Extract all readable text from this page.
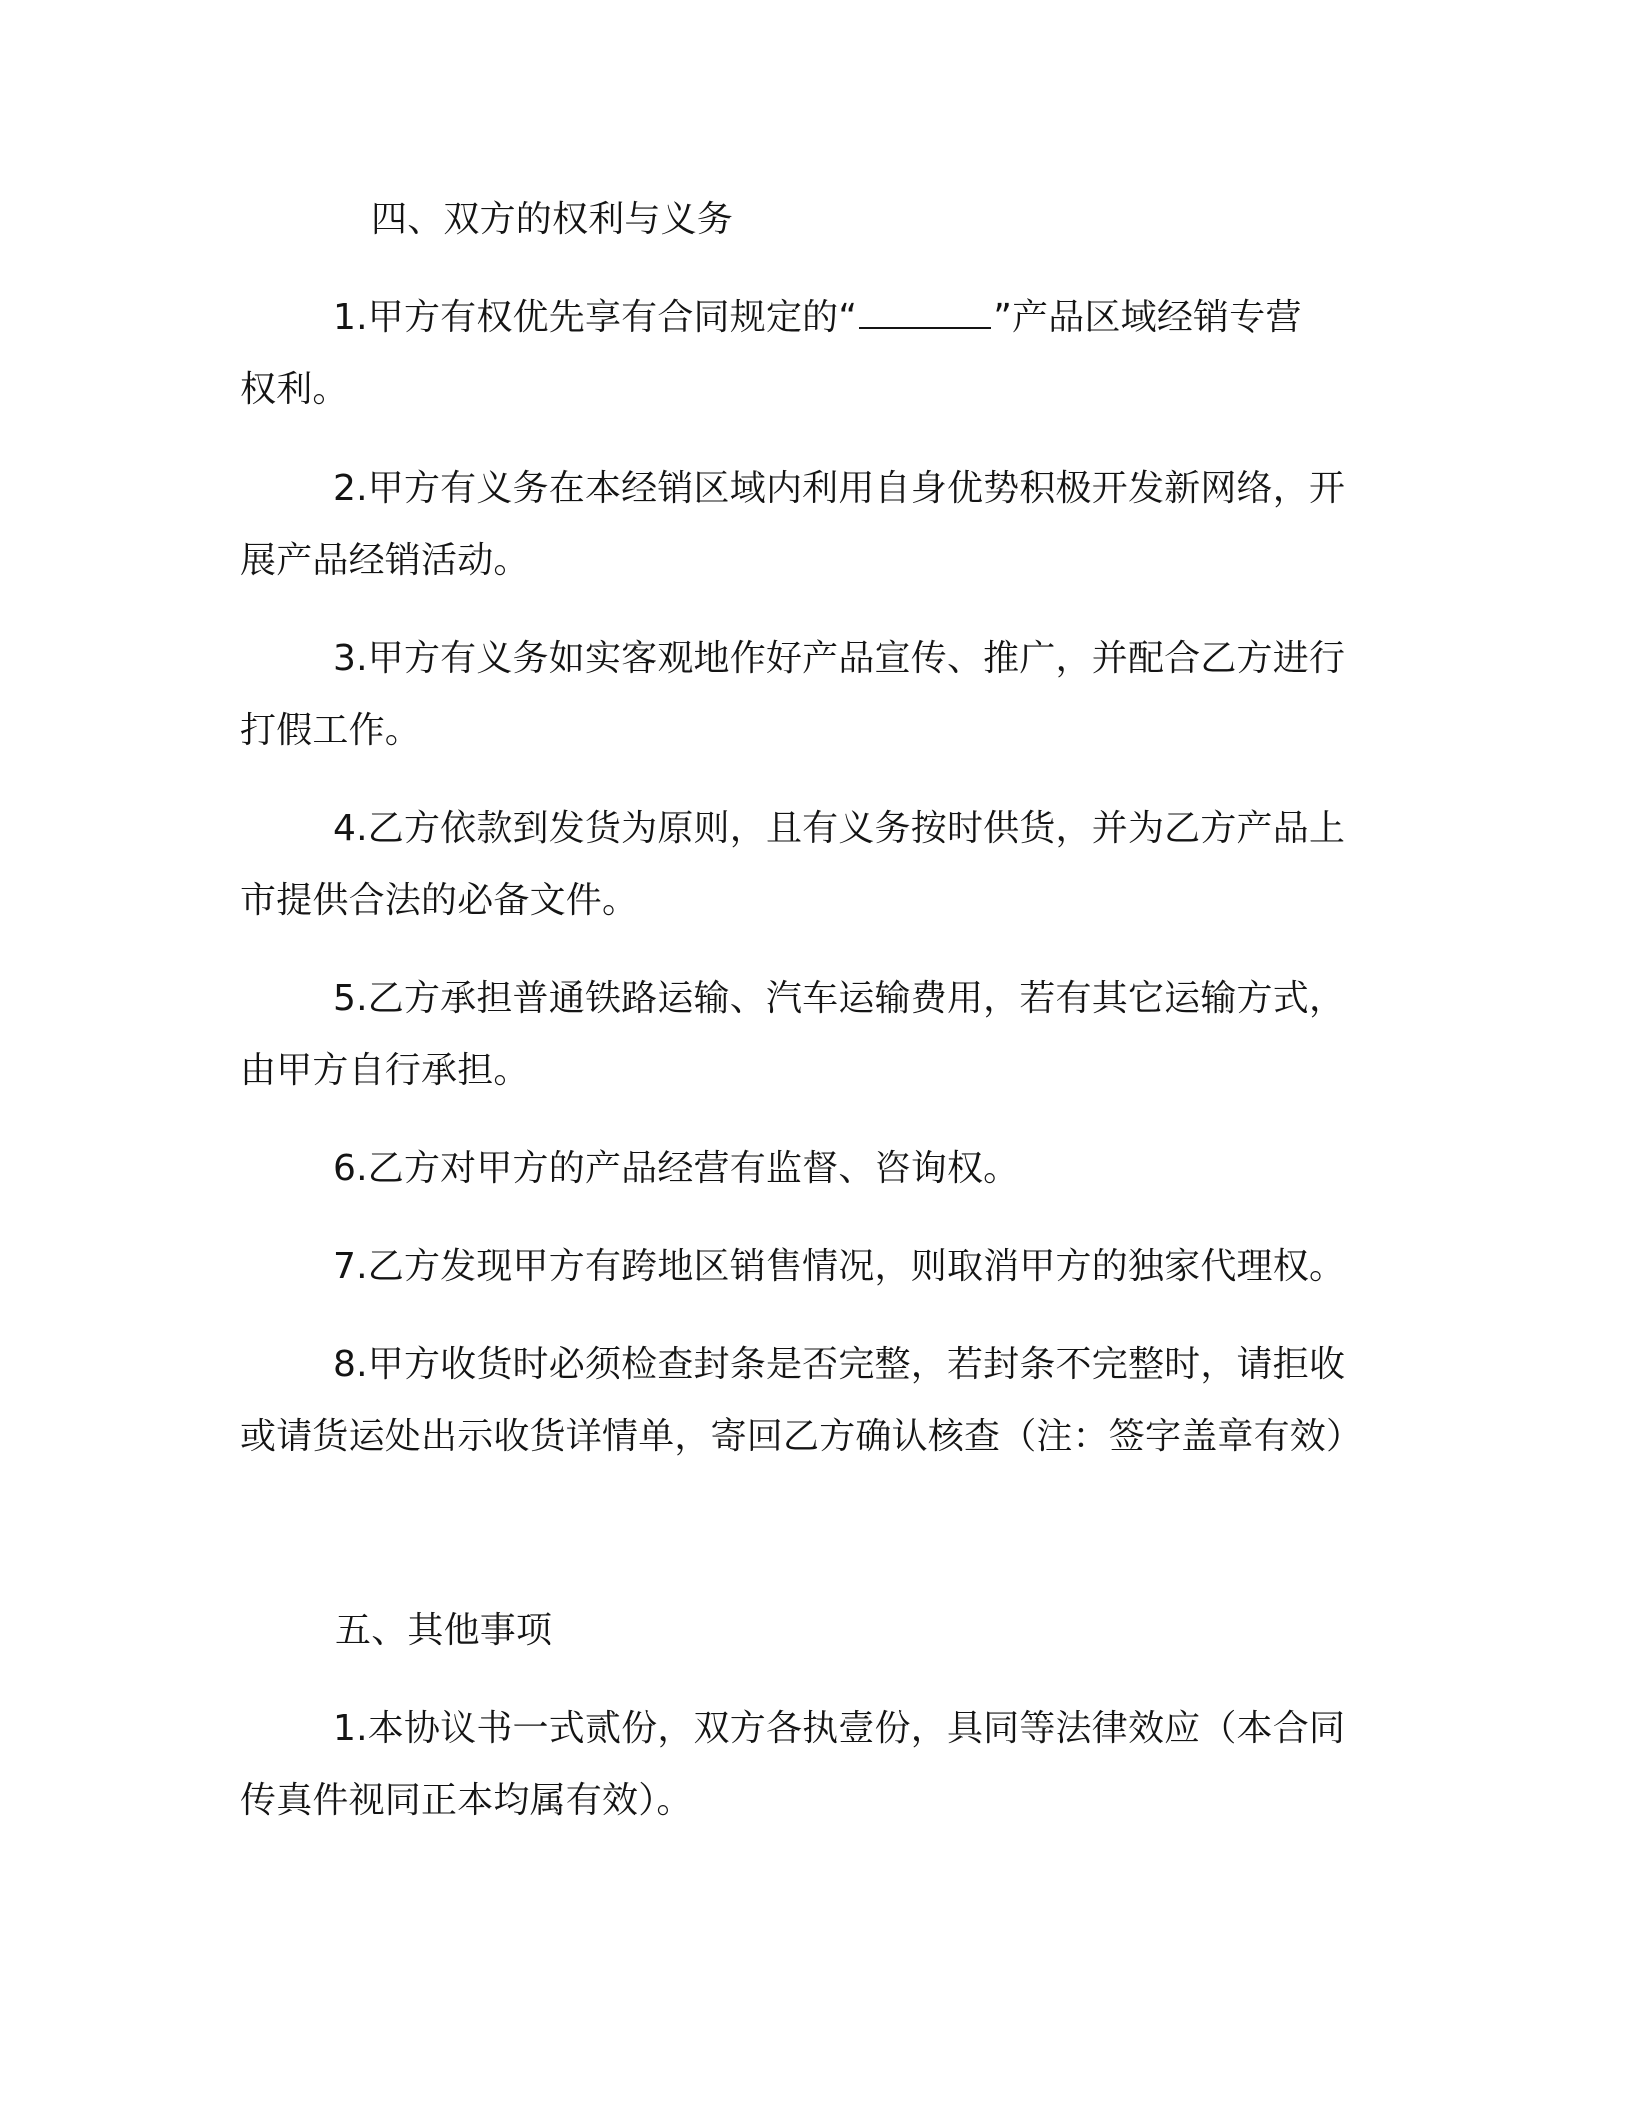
四、双方的权利与义务

1.甲方有权优先享有合同规定的“	”产品区域经销专营

权利。

2.甲方有义务在本经销区域内利用自身优势积极开发新网络，开

展产品经销活动。

3.甲方有义务如实客观地作好产品宣传、推广，并配合乙方进行

打假工作。

4.乙方依款到发货为原则，且有义务按时供货，并为乙方产品上

市提供合法的必备文件。

5.乙方承担普通铁路运输、汽车运输费用，若有其它运输方式，

由甲方自行承担。

6.乙方对甲方的产品经营有监督、咨询权。

7.乙方发现甲方有跨地区销售情况，则取消甲方的独家代理权。

8.甲方收货时必须检查封条是否完整，若封条不完整时，请拒收

或请货运处出示收货详情单，寄回乙方确认核查（注：签字盖章有效）

五、其他事项

1.本协议书一式贰份，双方各执壹份，具同等法律效应（本合同

传真件视同正本均属有效）。
